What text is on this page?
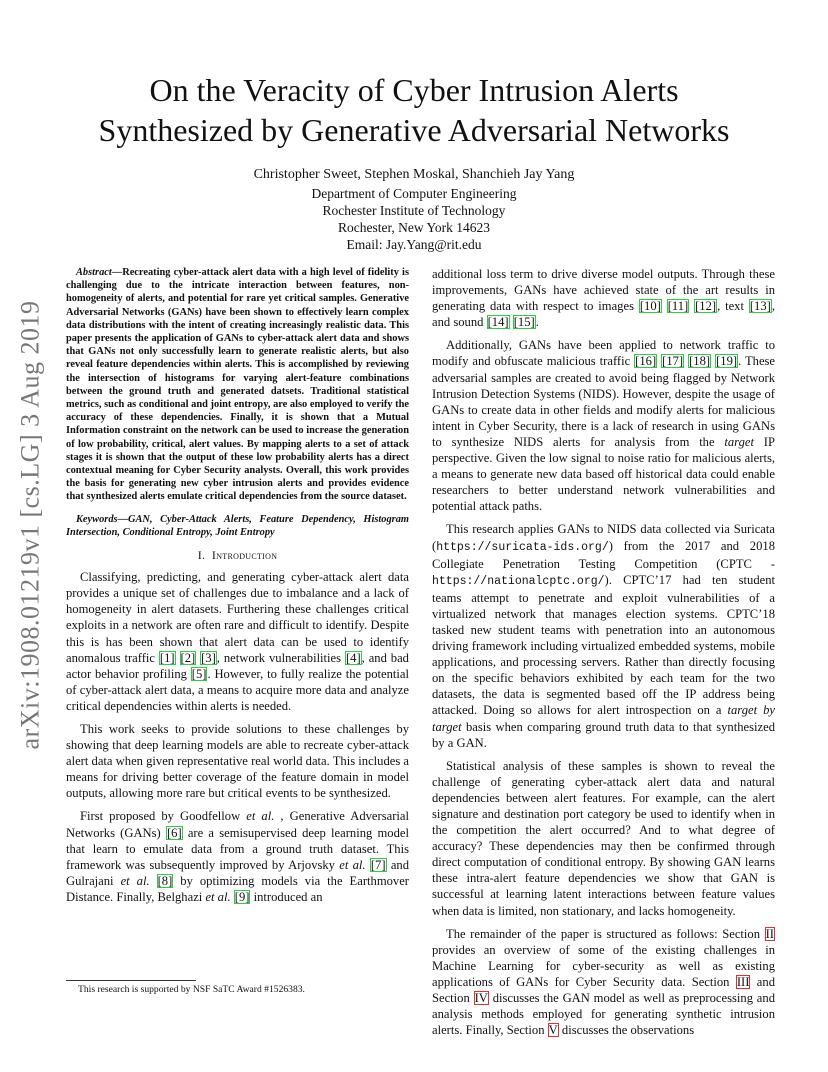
arXiv:1908.01219v1 [cs.LG] 3 Aug 2019
On the Veracity of Cyber Intrusion Alerts
Synthesized by Generative Adversarial Networks
Christopher Sweet, Stephen Moskal, Shanchieh Jay Yang
Department of Computer Engineering
Rochester Institute of Technology
Rochester, New York 14623
Email: Jay.Yang@rit.edu

Abstract—Recreating cyber-attack alert data with a high level of fidelity is challenging due to the intricate interaction between features, non-homogeneity of alerts, and potential for rare yet critical samples. Generative Adversarial Networks (GANs) have been shown to effectively learn complex data distributions with the intent of creating increasingly realistic data. This paper presents the application of GANs to cyber-attack alert data and shows that GANs not only successfully learn to generate realistic alerts, but also reveal feature dependencies within alerts. This is accomplished by reviewing the intersection of histograms for varying alert-feature combinations between the ground truth and generated datsets. Traditional statistical metrics, such as conditional and joint entropy, are also employed to verify the accuracy of these dependencies. Finally, it is shown that a Mutual Information constraint on the network can be used to increase the generation of low probability, critical, alert values. By mapping alerts to a set of attack stages it is shown that the output of these low probability alerts has a direct contextual meaning for Cyber Security analysts. Overall, this work provides the basis for generating new cyber intrusion alerts and provides evidence that synthesized alerts emulate critical dependencies from the source dataset.

Keywords—GAN, Cyber-Attack Alerts, Feature Dependency, Histogram Intersection, Conditional Entropy, Joint Entropy

I. Introduction

Classifying, predicting, and generating cyber-attack alert data provides a unique set of challenges due to imbalance and a lack of homogeneity in alert datasets. Furthering these challenges critical exploits in a network are often rare and difficult to identify. Despite this is has been shown that alert data can be used to identify anomalous traffic [1] [2] [3], network vulnerabilities [4], and bad actor behavior profiling [5]. However, to fully realize the potential of cyber-attack alert data, a means to acquire more data and analyze critical dependencies within alerts is needed.

This work seeks to provide solutions to these challenges by showing that deep learning models are able to recreate cyber-attack alert data when given representative real world data. This includes a means for driving better coverage of the feature domain in model outputs, allowing more rare but critical events to be synthesized.

First proposed by Goodfellow et al. , Generative Adversarial Networks (GANs) [6] are a semisupervised deep learning model that learn to emulate data from a ground truth dataset. This framework was subsequently improved by Arjovsky et al. [7] and Gulrajani et al. [8] by optimizing models via the Earthmover Distance. Finally, Belghazi et al. [9] introduced an

additional loss term to drive diverse model outputs. Through these improvements, GANs have achieved state of the art results in generating data with respect to images [10] [11] [12], text [13], and sound [14] [15].

Additionally, GANs have been applied to network traffic to modify and obfuscate malicious traffic [16] [17] [18] [19]. These adversarial samples are created to avoid being flagged by Network Intrusion Detection Systems (NIDS). However, despite the usage of GANs to create data in other fields and modify alerts for malicious intent in Cyber Security, there is a lack of research in using GANs to synthesize NIDS alerts for analysis from the target IP perspective. Given the low signal to noise ratio for malicious alerts, a means to generate new data based off historical data could enable researchers to better understand network vulnerabilities and potential attack paths.

This research applies GANs to NIDS data collected via Suricata (https://suricata-ids.org/) from the 2017 and 2018 Collegiate Penetration Testing Competition (CPTC - https://nationalcptc.org/). CPTC’17 had ten student teams attempt to penetrate and exploit vulnerabilities of a virtualized network that manages election systems. CPTC’18 tasked new student teams with penetration into an autonomous driving framework including virtualized embedded systems, mobile applications, and processing servers. Rather than directly focusing on the specific behaviors exhibited by each team for the two datasets, the data is segmented based off the IP address being attacked. Doing so allows for alert introspection on a target by target basis when comparing ground truth data to that synthesized by a GAN.

Statistical analysis of these samples is shown to reveal the challenge of generating cyber-attack alert data and natural dependencies between alert features. For example, can the alert signature and destination port category be used to identify when in the competition the alert occurred? And to what degree of accuracy? These dependencies may then be confirmed through direct computation of conditional entropy. By showing GAN learns these intra-alert feature dependencies we show that GAN is successful at learning latent interactions between feature values when data is limited, non stationary, and lacks homogeneity.

The remainder of the paper is structured as follows: Section II provides an overview of some of the existing challenges in Machine Learning for cyber-security as well as existing applications of GANs for Cyber Security data. Section III and Section IV discusses the GAN model as well as preprocessing and analysis methods employed for generating synthetic intrusion alerts. Finally, Section V discusses the observations

This research is supported by NSF SaTC Award #1526383.
